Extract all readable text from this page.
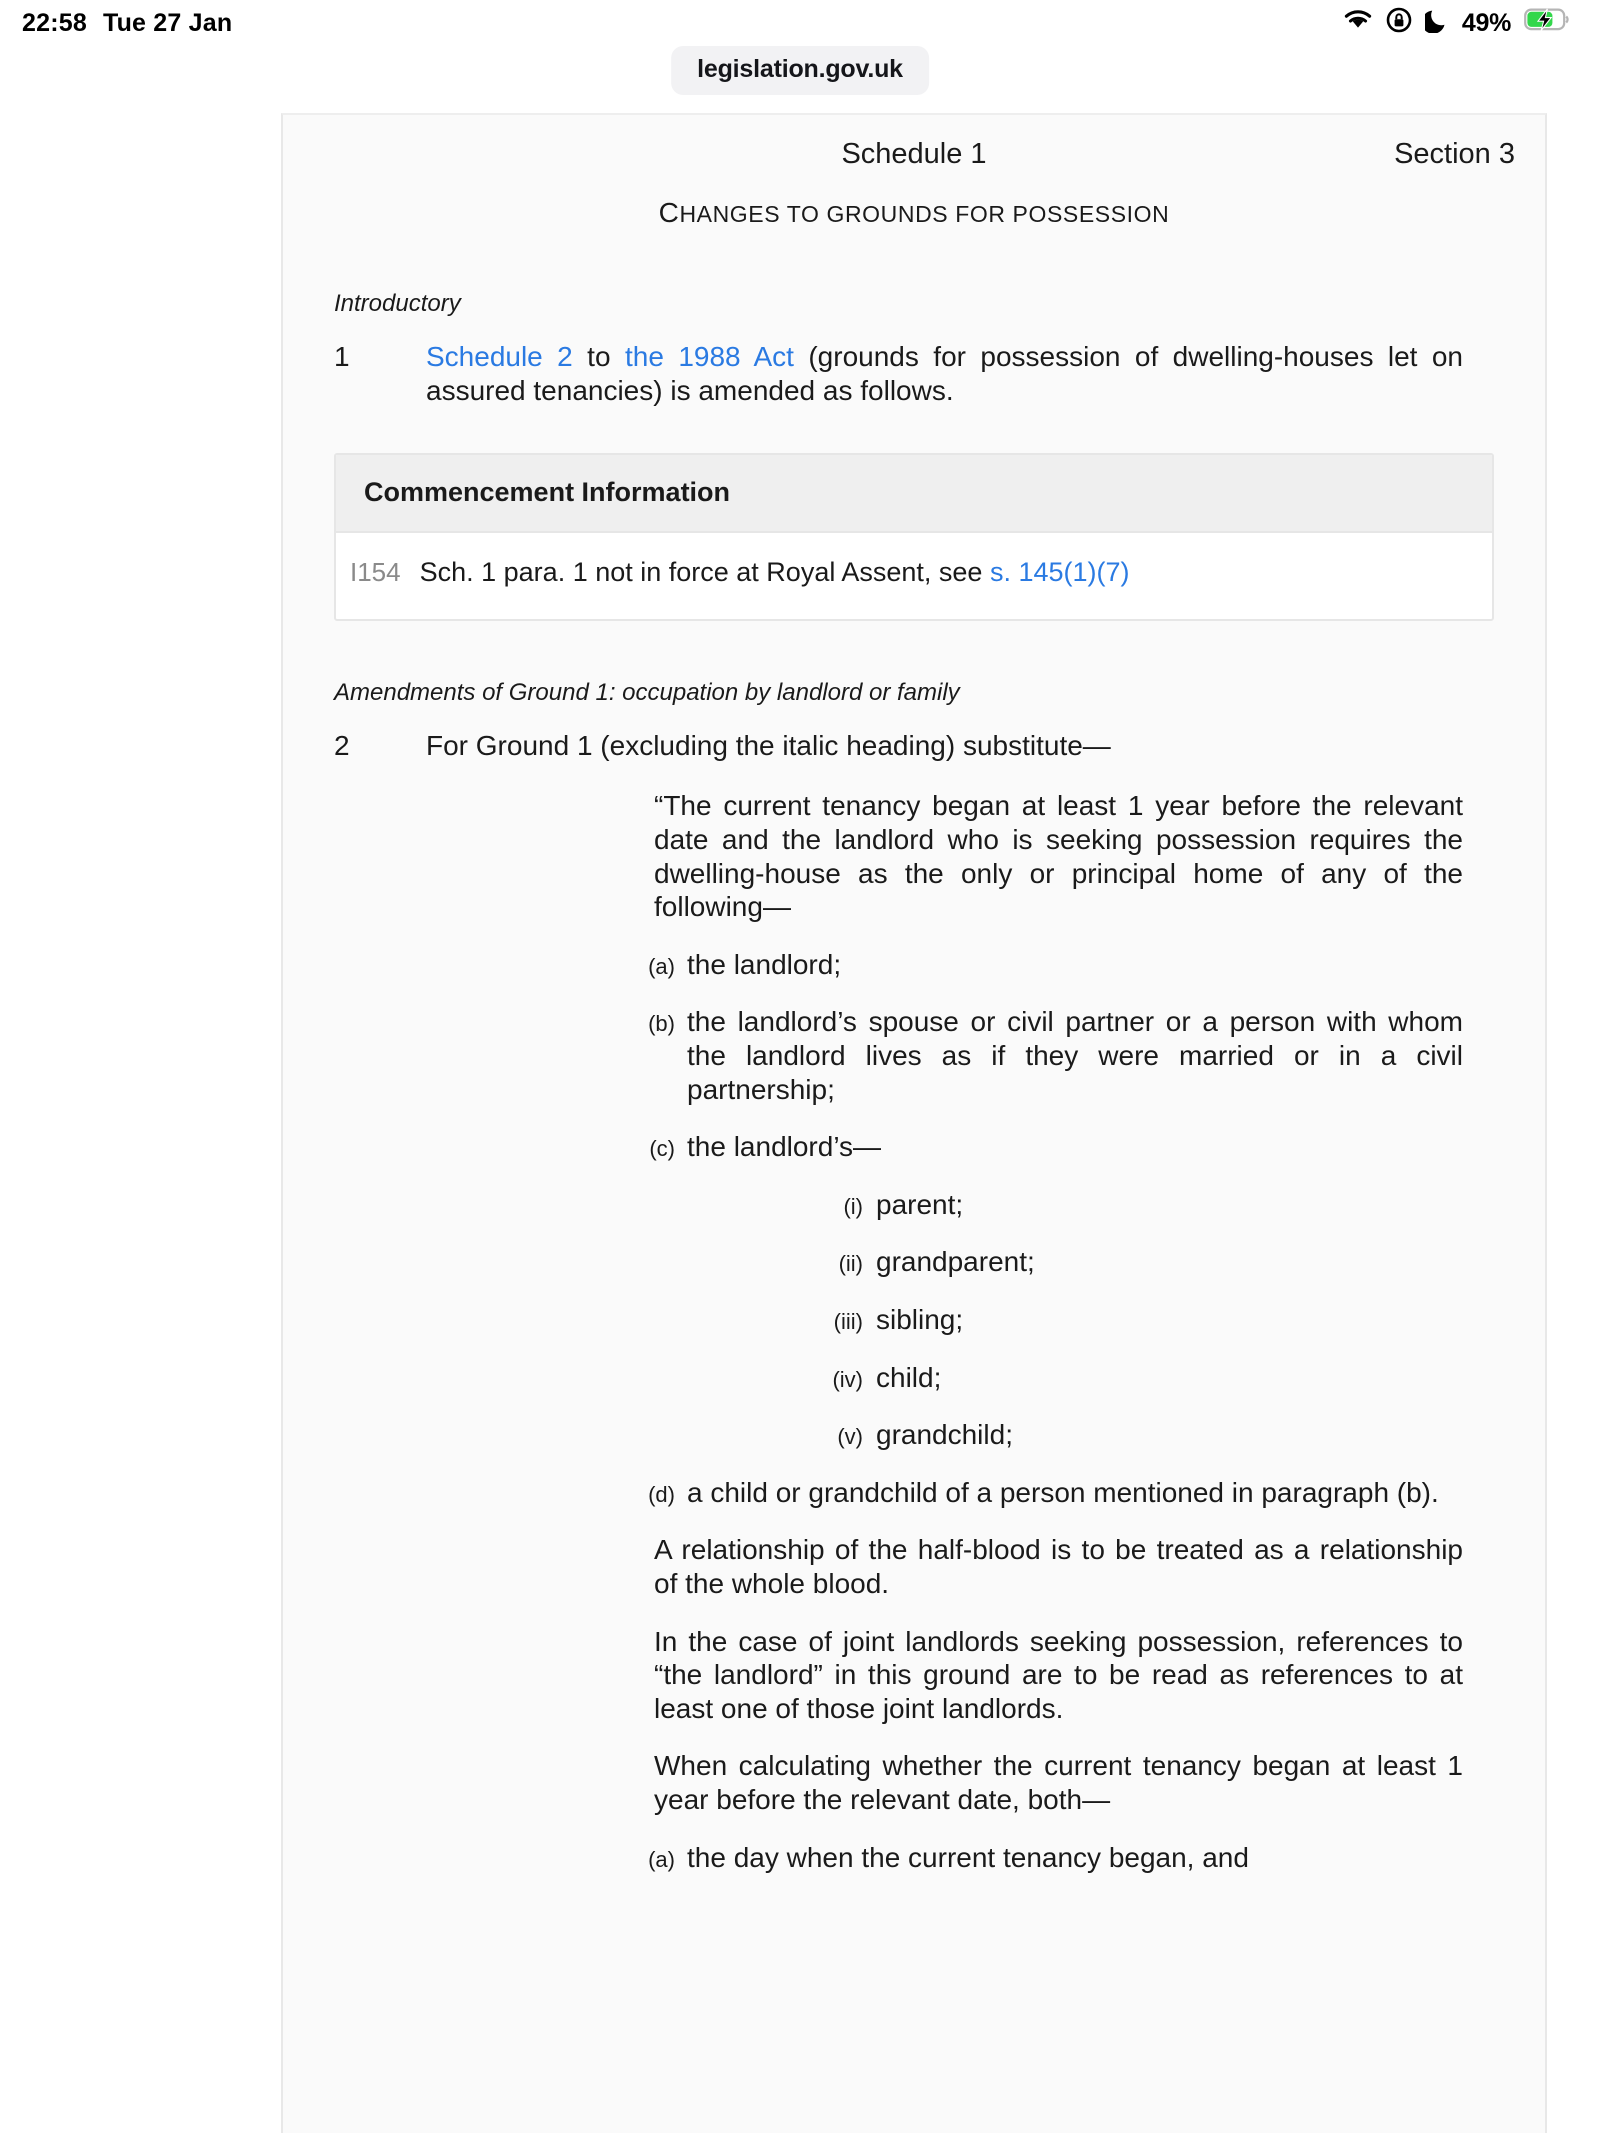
22:58 Tue 27 Jan	49%
legislation.gov.uk
Schedule 1	Section 3
CHANGES TO GROUNDS FOR POSSESSION
Introductory
1	Schedule 2 to the 1988 Act (grounds for possession of dwelling-houses let on assured tenancies) is amended as follows.
Commencement Information
I154 Sch. 1 para. 1 not in force at Royal Assent, see s. 145(1)(7)
Amendments of Ground 1: occupation by landlord or family
2	For Ground 1 (excluding the italic heading) substitute—
“The current tenancy began at least 1 year before the relevant date and the landlord who is seeking possession requires the dwelling-house as the only or principal home of any of the following—
(a) the landlord;
(b) the landlord’s spouse or civil partner or a person with whom the landlord lives as if they were married or in a civil partnership;
(c) the landlord’s—
(i) parent;
(ii) grandparent;
(iii) sibling;
(iv) child;
(v) grandchild;
(d) a child or grandchild of a person mentioned in paragraph (b).
A relationship of the half-blood is to be treated as a relationship of the whole blood.
In the case of joint landlords seeking possession, references to “the landlord” in this ground are to be read as references to at least one of those joint landlords.
When calculating whether the current tenancy began at least 1 year before the relevant date, both—
(a) the day when the current tenancy began, and
